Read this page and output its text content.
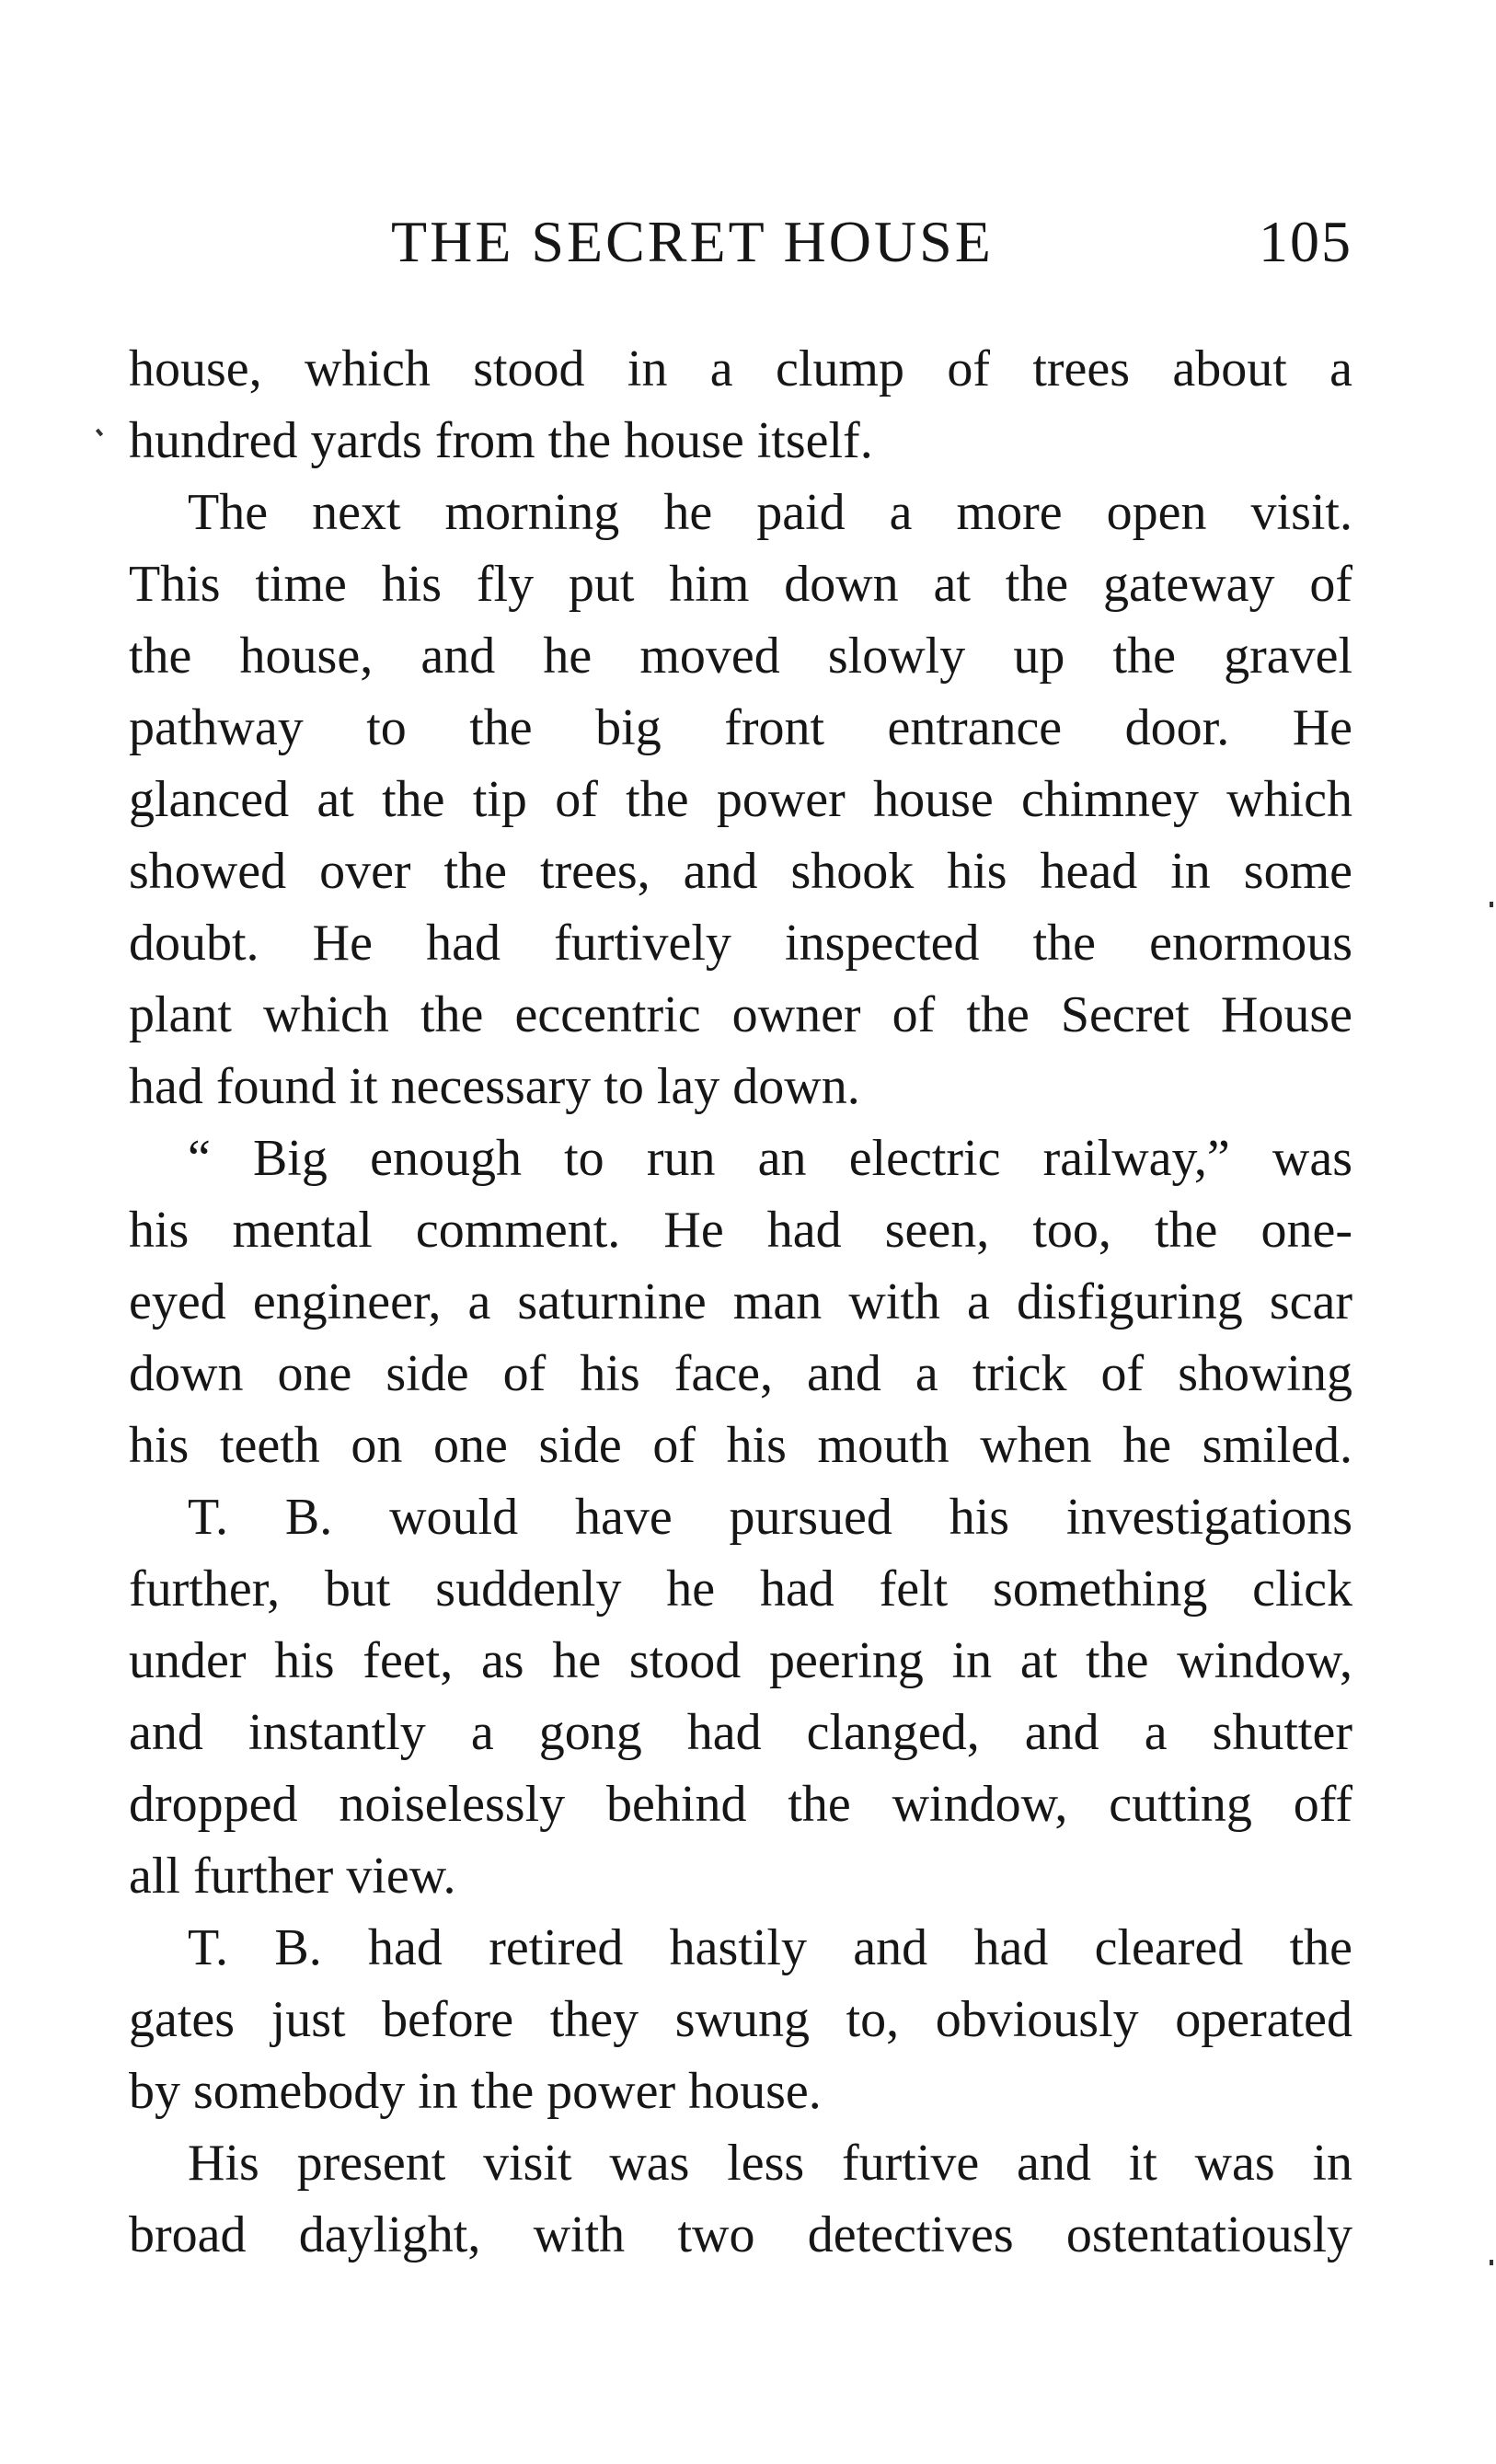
THE SECRET HOUSE	105
house, which stood in a clump of trees about a
hundred yards from the house itself.
The next morning he paid a more open visit.
This time his fly put him down at the gateway of
the house, and he moved slowly up the gravel
pathway to the big front entrance door. He
glanced at the tip of the power house chimney which
showed over the trees, and shook his head in some
doubt. He had furtively inspected the enormous
plant which the eccentric owner of the Secret House
had found it necessary to lay down.
“ Big enough to run an electric railway,” was
his mental comment. He had seen, too, the one-
eyed engineer, a saturnine man with a disfiguring scar
down one side of his face, and a trick of showing
his teeth on one side of his mouth when he smiled.
T. B. would have pursued his investigations
further, but suddenly he had felt something click
under his feet, as he stood peering in at the window,
and instantly a gong had clanged, and a shutter
dropped noiselessly behind the window, cutting off
all further view.
T. B. had retired hastily and had cleared the
gates just before they swung to, obviously operated
by somebody in the power house.
His present visit was less furtive and it was in
broad daylight, with two detectives ostentatiously
